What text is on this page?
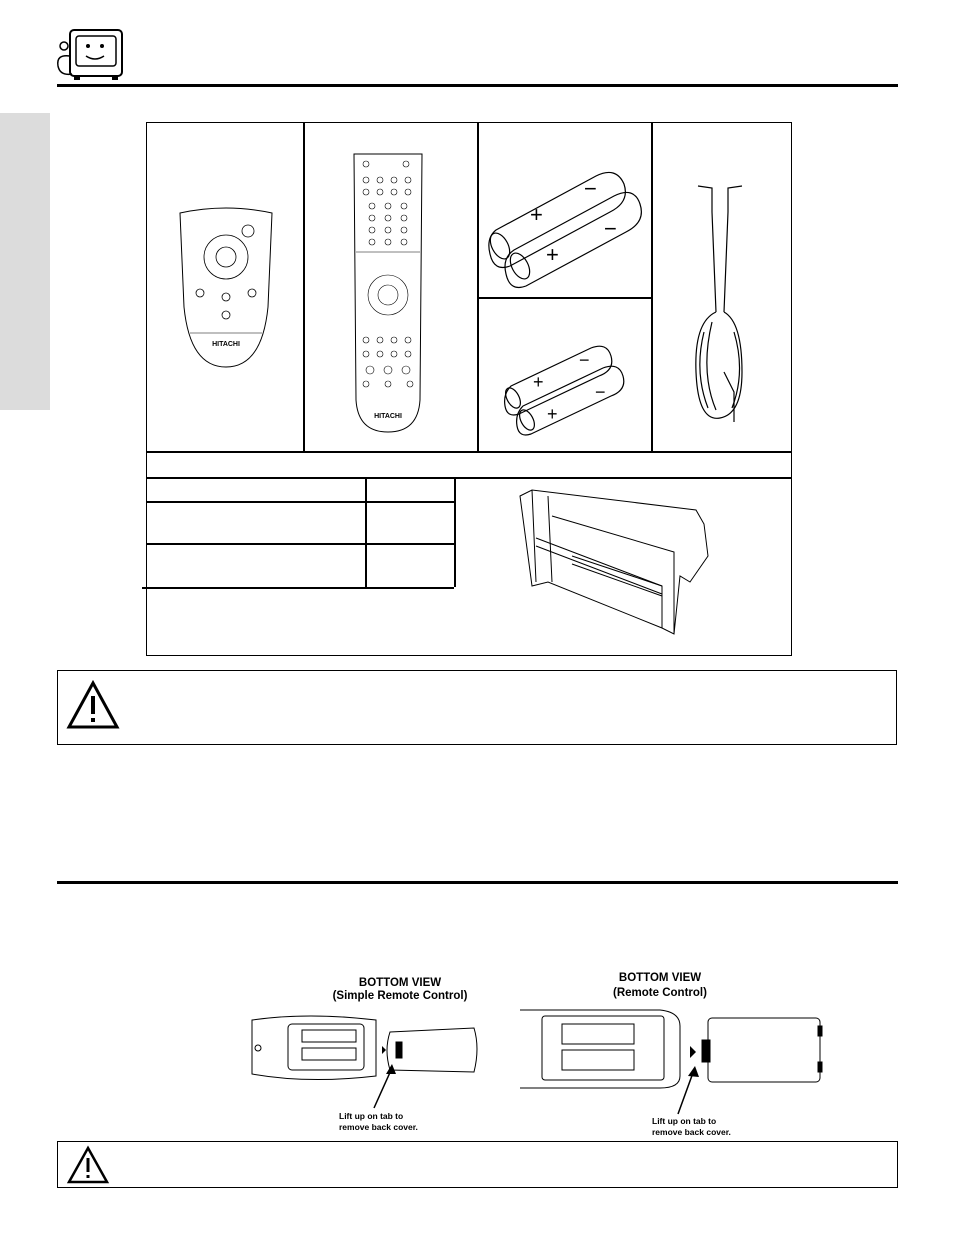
HITACHI
HITACHI
+
−
+
−
+
−
+
−
BOTTOM VIEW
(Simple Remote Control)
BOTTOM VIEW
(Remote Control)
Lift up on tab to
remove back cover.
Lift up on tab to
remove back cover.
